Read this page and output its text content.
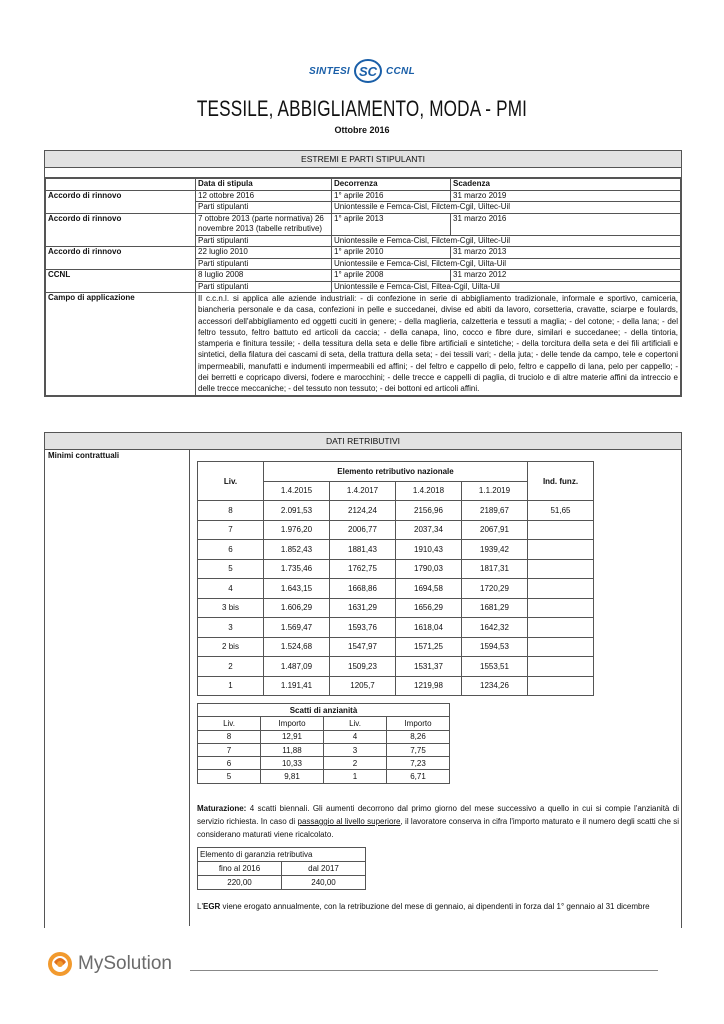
SINTESI SC CCNL
TESSILE, ABBIGLIAMENTO, MODA - PMI
Ottobre 2016
ESTREMI E PARTI STIPULANTI
	Data di stipula	Decorrenza	Scadenza
Accordo di rinnovo	12 ottobre 2016	1° aprile 2016	31 marzo 2019
	Parti stipulanti	Uniontessile e Femca-Cisl, Filctem-Cgil, Uiltec-Uil	
Accordo di rinnovo	7 ottobre 2013 (parte normativa) 26 novembre 2013 (tabelle retributive)	1° aprile 2013	31 marzo 2016
	Parti stipulanti	Uniontessile e Femca-Cisl, Filctem-Cgil, Uiltec-Uil	
Accordo di rinnovo	22 luglio 2010	1° aprile 2010	31 marzo 2013
	Parti stipulanti	Uniontessile e Femca-Cisl, Filctem-Cgil, Uilta-Uil	
CCNL	8 luglio 2008	1° aprile 2008	31 marzo 2012
	Parti stipulanti	Uniontessile e Femca-Cisl, Filtea-Cgil, Uilta-Uil	
Campo di applicazione	Il c.c.n.l. si applica alle aziende industriali: - di confezione in serie di abbigliamento tradizionale, informale e sportivo, camiceria, biancheria personale e da casa, confezioni in pelle e succedanei, divise ed abiti da lavoro, corsetteria, cravatte, sciarpe e foulards, accessori dell'abbigliamento ed oggetti cuciti in genere; - della maglieria, calzetteria e tessuti a maglia; - del cotone; - della lana; - del feltro tessuto, feltro battuto ed articoli da caccia; - della canapa, lino, cocco e fibre dure, similari e succedanee; - della tintoria, stamperia e finitura tessile; - della tessitura della seta e delle fibre artificiali e sintetiche; - della torcitura della seta e dei fili artificiali e sintetici, della filatura dei cascami di seta, della trattura della seta; - dei tessili vari; - della juta; - delle tende da campo, tele e copertoni impermeabili, manufatti e indumenti impermeabili ed affini; - del feltro e cappello di pelo, feltro e cappello di lana, pelo per cappello; - dei berretti e copricapo diversi, fodere e marocchini; - delle trecce e cappelli di paglia, di truciolo e di altre materie affini da intreccio e delle trecce meccaniche; - del tessuto non tessuto; - dei bottoni ed articoli affini.		
DATI RETRIBUTIVI
Minimi contrattuali
Liv.	Elemento retributivo nazionale				Ind. funz.
	1.4.2015	1.4.2017	1.4.2018	1.1.2019	
8	2.091,53	2124,24	2156,96	2189,67	51,65
7	1.976,20	2006,77	2037,34	2067,91	
6	1.852,43	1881,43	1910,43	1939,42	
5	1.735,46	1762,75	1790,03	1817,31	
4	1.643,15	1668,86	1694,58	1720,29	
3 bis	1.606,29	1631,29	1656,29	1681,29	
3	1.569,47	1593,76	1618,04	1642,32	
2 bis	1.524,68	1547,97	1571,25	1594,53	
2	1.487,09	1509,23	1531,37	1553,51	
1	1.191,41	1205,7	1219,98	1234,26	
Scatti di anzianità			
Liv.	Importo	Liv.	Importo
8	12,91	4	8,26
7	11,88	3	7,75
6	10,33	2	7,23
5	9,81	1	6,71
Maturazione: 4 scatti biennali. Gli aumenti decorrono dal primo giorno del mese successivo a quello in cui si compie l'anzianità di servizio richiesta. In caso di passaggio al livello superiore, il lavoratore conserva in cifra l'importo maturato e il numero degli scatti che si considerano maturati viene ricalcolato.
Elemento di garanzia retributiva	
fino al 2016	dal 2017
220,00	240,00
L'EGR viene erogato annualmente, con la retribuzione del mese di gennaio, ai dipendenti in forza dal 1° gennaio al 31 dicembre
MySolution
